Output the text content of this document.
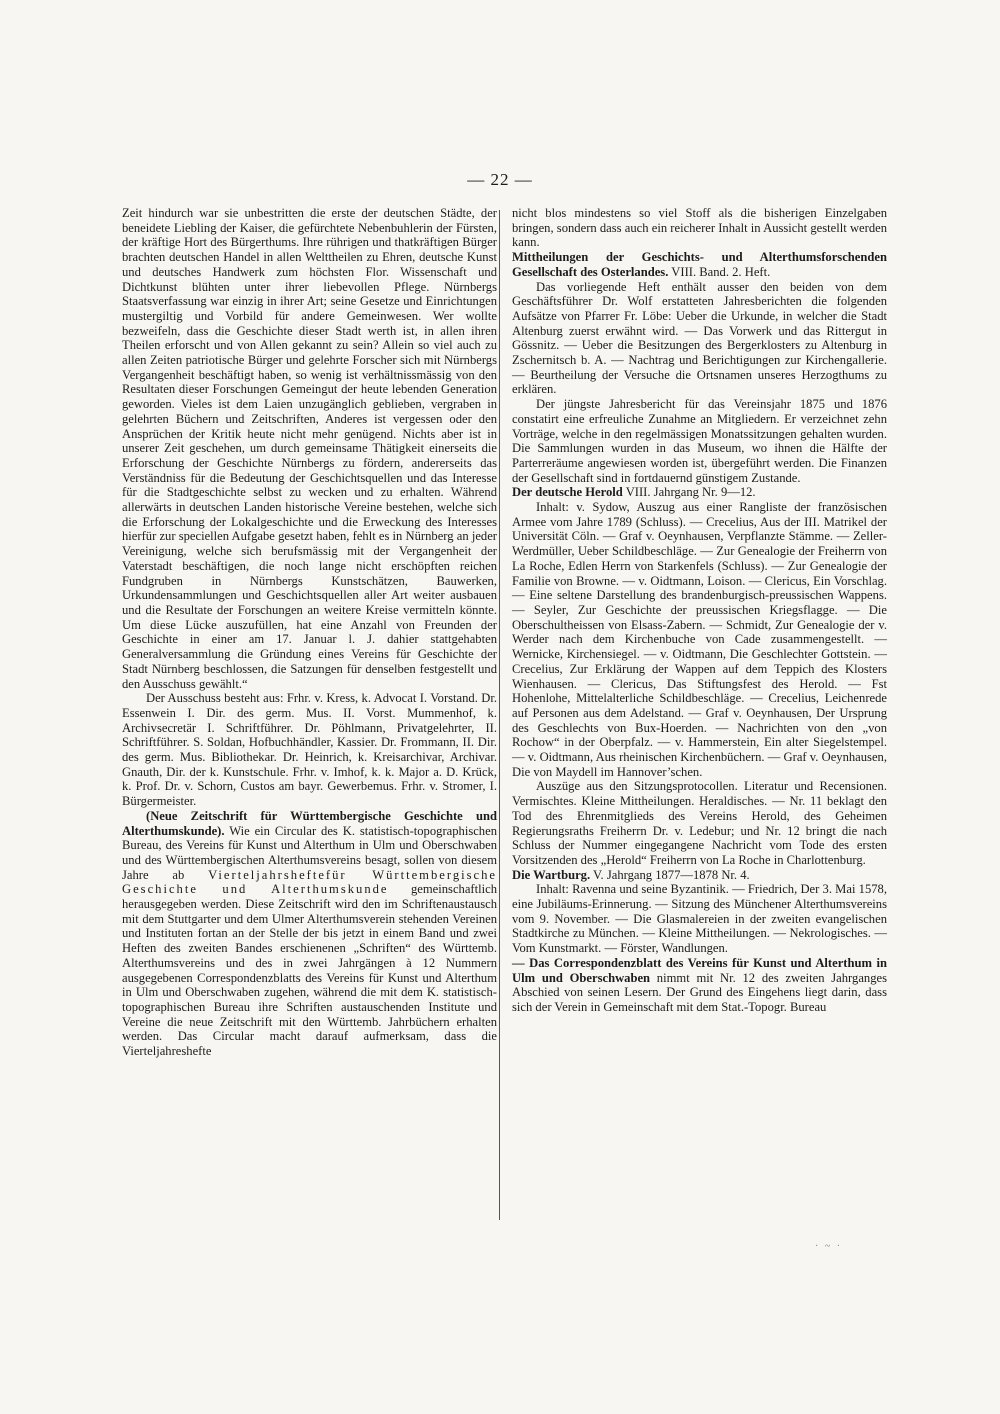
— 22 —

Zeit hindurch war sie unbestritten die erste der deutschen Städte, der beneidete Liebling der Kaiser, die gefürchtete Nebenbuhlerin der Fürsten, der kräftige Hort des Bürgerthums. Ihre rührigen und thatkräftigen Bürger brachten deutschen Handel in allen Welttheilen zu Ehren, deutsche Kunst und deutsches Handwerk zum höchsten Flor. Wissenschaft und Dichtkunst blühten unter ihrer liebevollen Pflege. Nürnbergs Staatsverfassung war einzig in ihrer Art; seine Gesetze und Einrichtungen mustergiltig und Vorbild für andere Gemeinwesen. Wer wollte bezweifeln, dass die Geschichte dieser Stadt werth ist, in allen ihren Theilen erforscht und von Allen gekannt zu sein? Allein so viel auch zu allen Zeiten patriotische Bürger und gelehrte Forscher sich mit Nürnbergs Vergangenheit beschäftigt haben, so wenig ist verhältnissmässig von den Resultaten dieser Forschungen Gemeingut der heute lebenden Generation geworden. Vieles ist dem Laien unzugänglich geblieben, vergraben in gelehrten Büchern und Zeitschriften, Anderes ist vergessen oder den Ansprüchen der Kritik heute nicht mehr genügend. Nichts aber ist in unserer Zeit geschehen, um durch gemeinsame Thätigkeit einerseits die Erforschung der Geschichte Nürnbergs zu fördern, andererseits das Verständniss für die Bedeutung der Geschichtsquellen und das Interesse für die Stadtgeschichte selbst zu wecken und zu erhalten. Während allerwärts in deutschen Landen historische Vereine bestehen, welche sich die Erforschung der Lokalgeschichte und die Erweckung des Interesses hierfür zur speciellen Aufgabe gesetzt haben, fehlt es in Nürnberg an jeder Vereinigung, welche sich berufsmässig mit der Vergangenheit der Vaterstadt beschäftigen, die noch lange nicht erschöpften reichen Fundgruben in Nürnbergs Kunstschätzen, Bauwerken, Urkundensammlungen und Geschichtsquellen aller Art weiter ausbauen und die Resultate der Forschungen an weitere Kreise vermitteln könnte. Um diese Lücke auszufüllen, hat eine Anzahl von Freunden der Geschichte in einer am 17. Januar l. J. dahier stattgehabten Generalversammlung die Gründung eines Vereins für Geschichte der Stadt Nürnberg beschlossen, die Satzungen für denselben festgestellt und den Ausschuss gewählt.“

Der Ausschuss besteht aus: Frhr. v. Kress, k. Advocat I. Vorstand. Dr. Essenwein I. Dir. des germ. Mus. II. Vorst. Mummenhof, k. Archivsecretär I. Schriftführer. Dr. Pöhlmann, Privatgelehrter, II. Schriftführer. S. Soldan, Hofbuchhändler, Kassier. Dr. Frommann, II. Dir. des germ. Mus. Bibliothekar. Dr. Heinrich, k. Kreisarchivar, Archivar. Gnauth, Dir. der k. Kunstschule. Frhr. v. Imhof, k. k. Major a. D. Krück, k. Prof. Dr. v. Schorn, Custos am bayr. Gewerbemus. Frhr. v. Stromer, I. Bürgermeister.

(Neue Zeitschrift für Württembergische Geschichte und Alterthumskunde). Wie ein Circular des K. statistisch-topographischen Bureau, des Vereins für Kunst und Alterthum in Ulm und Oberschwaben und des Württembergischen Alterthumsvereins besagt, sollen von diesem Jahre ab Vierteljahrsheftefür Württembergische Geschichte und Alterthumskunde gemeinschaftlich herausgegeben werden. Diese Zeitschrift wird den im Schriftenaustausch mit dem Stuttgarter und dem Ulmer Alterthumsverein stehenden Vereinen und Instituten fortan an der Stelle der bis jetzt in einem Band und zwei Heften des zweiten Bandes erschienenen „Schriften“ des Württemb. Alterthumsvereins und des in zwei Jahrgängen à 12 Nummern ausgegebenen Correspondenzblatts des Vereins für Kunst und Alterthum in Ulm und Oberschwaben zugehen, während die mit dem K. statistisch-topographischen Bureau ihre Schriften austauschenden Institute und Vereine die neue Zeitschrift mit den Württemb. Jahrbüchern erhalten werden. Das Circular macht darauf aufmerksam, dass die Vierteljahreshefte

nicht blos mindestens so viel Stoff als die bisherigen Einzelgaben bringen, sondern dass auch ein reicherer Inhalt in Aussicht gestellt werden kann.

Mittheilungen der Geschichts- und Alterthumsforschenden Gesellschaft des Osterlandes. VIII. Band. 2. Heft.

Das vorliegende Heft enthält ausser den beiden von dem Geschäftsführer Dr. Wolf erstatteten Jahresberichten die folgenden Aufsätze von Pfarrer Fr. Löbe: Ueber die Urkunde, in welcher die Stadt Altenburg zuerst erwähnt wird. — Das Vorwerk und das Rittergut in Gössnitz. — Ueber die Besitzungen des Bergerklosters zu Altenburg in Zschernitsch b. A. — Nachtrag und Berichtigungen zur Kirchengallerie. — Beurtheilung der Versuche die Ortsnamen unseres Herzogthums zu erklären.

Der jüngste Jahresbericht für das Vereinsjahr 1875 und 1876 constatirt eine erfreuliche Zunahme an Mitgliedern. Er verzeichnet zehn Vorträge, welche in den regelmässigen Monatssitzungen gehalten wurden. Die Sammlungen wurden in das Museum, wo ihnen die Hälfte der Parterreräume angewiesen worden ist, übergeführt werden. Die Finanzen der Gesellschaft sind in fortdauernd günstigem Zustande.

Der deutsche Herold VIII. Jahrgang Nr. 9—12.

Inhalt: v. Sydow, Auszug aus einer Rangliste der französischen Armee vom Jahre 1789 (Schluss). — Crecelius, Aus der III. Matrikel der Universität Cöln. — Graf v. Oeynhausen, Verpflanzte Stämme. — Zeller-Werdmüller, Ueber Schildbeschläge. — Zur Genealogie der Freiherrn von La Roche, Edlen Herrn von Starkenfels (Schluss). — Zur Genealogie der Familie von Browne. — v. Oidtmann, Loison. — Clericus, Ein Vorschlag. — Eine seltene Darstellung des brandenburgisch-preussischen Wappens. — Seyler, Zur Geschichte der preussischen Kriegsflagge. — Die Oberschultheissen von Elsass-Zabern. — Schmidt, Zur Genealogie der v. Werder nach dem Kirchenbuche von Cade zusammengestellt. — Wernicke, Kirchensiegel. — v. Oidtmann, Die Geschlechter Gottstein. — Crecelius, Zur Erklärung der Wappen auf dem Teppich des Klosters Wienhausen. — Clericus, Das Stiftungsfest des Herold. — Fst Hohenlohe, Mittelalterliche Schildbeschläge. — Crecelius, Leichenrede auf Personen aus dem Adelstand. — Graf v. Oeynhausen, Der Ursprung des Geschlechts von Bux-Hoerden. — Nachrichten von den „von Rochow“ in der Oberpfalz. — v. Hammerstein, Ein alter Siegelstempel. — v. Oidtmann, Aus rheinischen Kirchenbüchern. — Graf v. Oeynhausen, Die von Maydell im Hannover’schen.

Auszüge aus den Sitzungsprotocollen. Literatur und Recensionen. Vermischtes. Kleine Mittheilungen. Heraldisches. — Nr. 11 beklagt den Tod des Ehrenmitglieds des Vereins Herold, des Geheimen Regierungsraths Freiherrn Dr. v. Ledebur; und Nr. 12 bringt die nach Schluss der Nummer eingegangene Nachricht vom Tode des ersten Vorsitzenden des „Herold“ Freiherrn von La Roche in Charlottenburg.

Die Wartburg. V. Jahrgang 1877—1878 Nr. 4.

Inhalt: Ravenna und seine Byzantinik. — Friedrich, Der 3. Mai 1578, eine Jubiläums-Erinnerung. — Sitzung des Münchener Alterthumsvereins vom 9. November. — Die Glasmalereien in der zweiten evangelischen Stadtkirche zu München. — Kleine Mittheilungen. — Nekrologisches. — Vom Kunstmarkt. — Förster, Wandlungen.

— Das Correspondenzblatt des Vereins für Kunst und Alterthum in Ulm und Oberschwaben nimmt mit Nr. 12 des zweiten Jahrganges Abschied von seinen Lesern. Der Grund des Eingehens liegt darin, dass sich der Verein in Gemeinschaft mit dem Stat.-Topogr. Bureau

· ~ ·
